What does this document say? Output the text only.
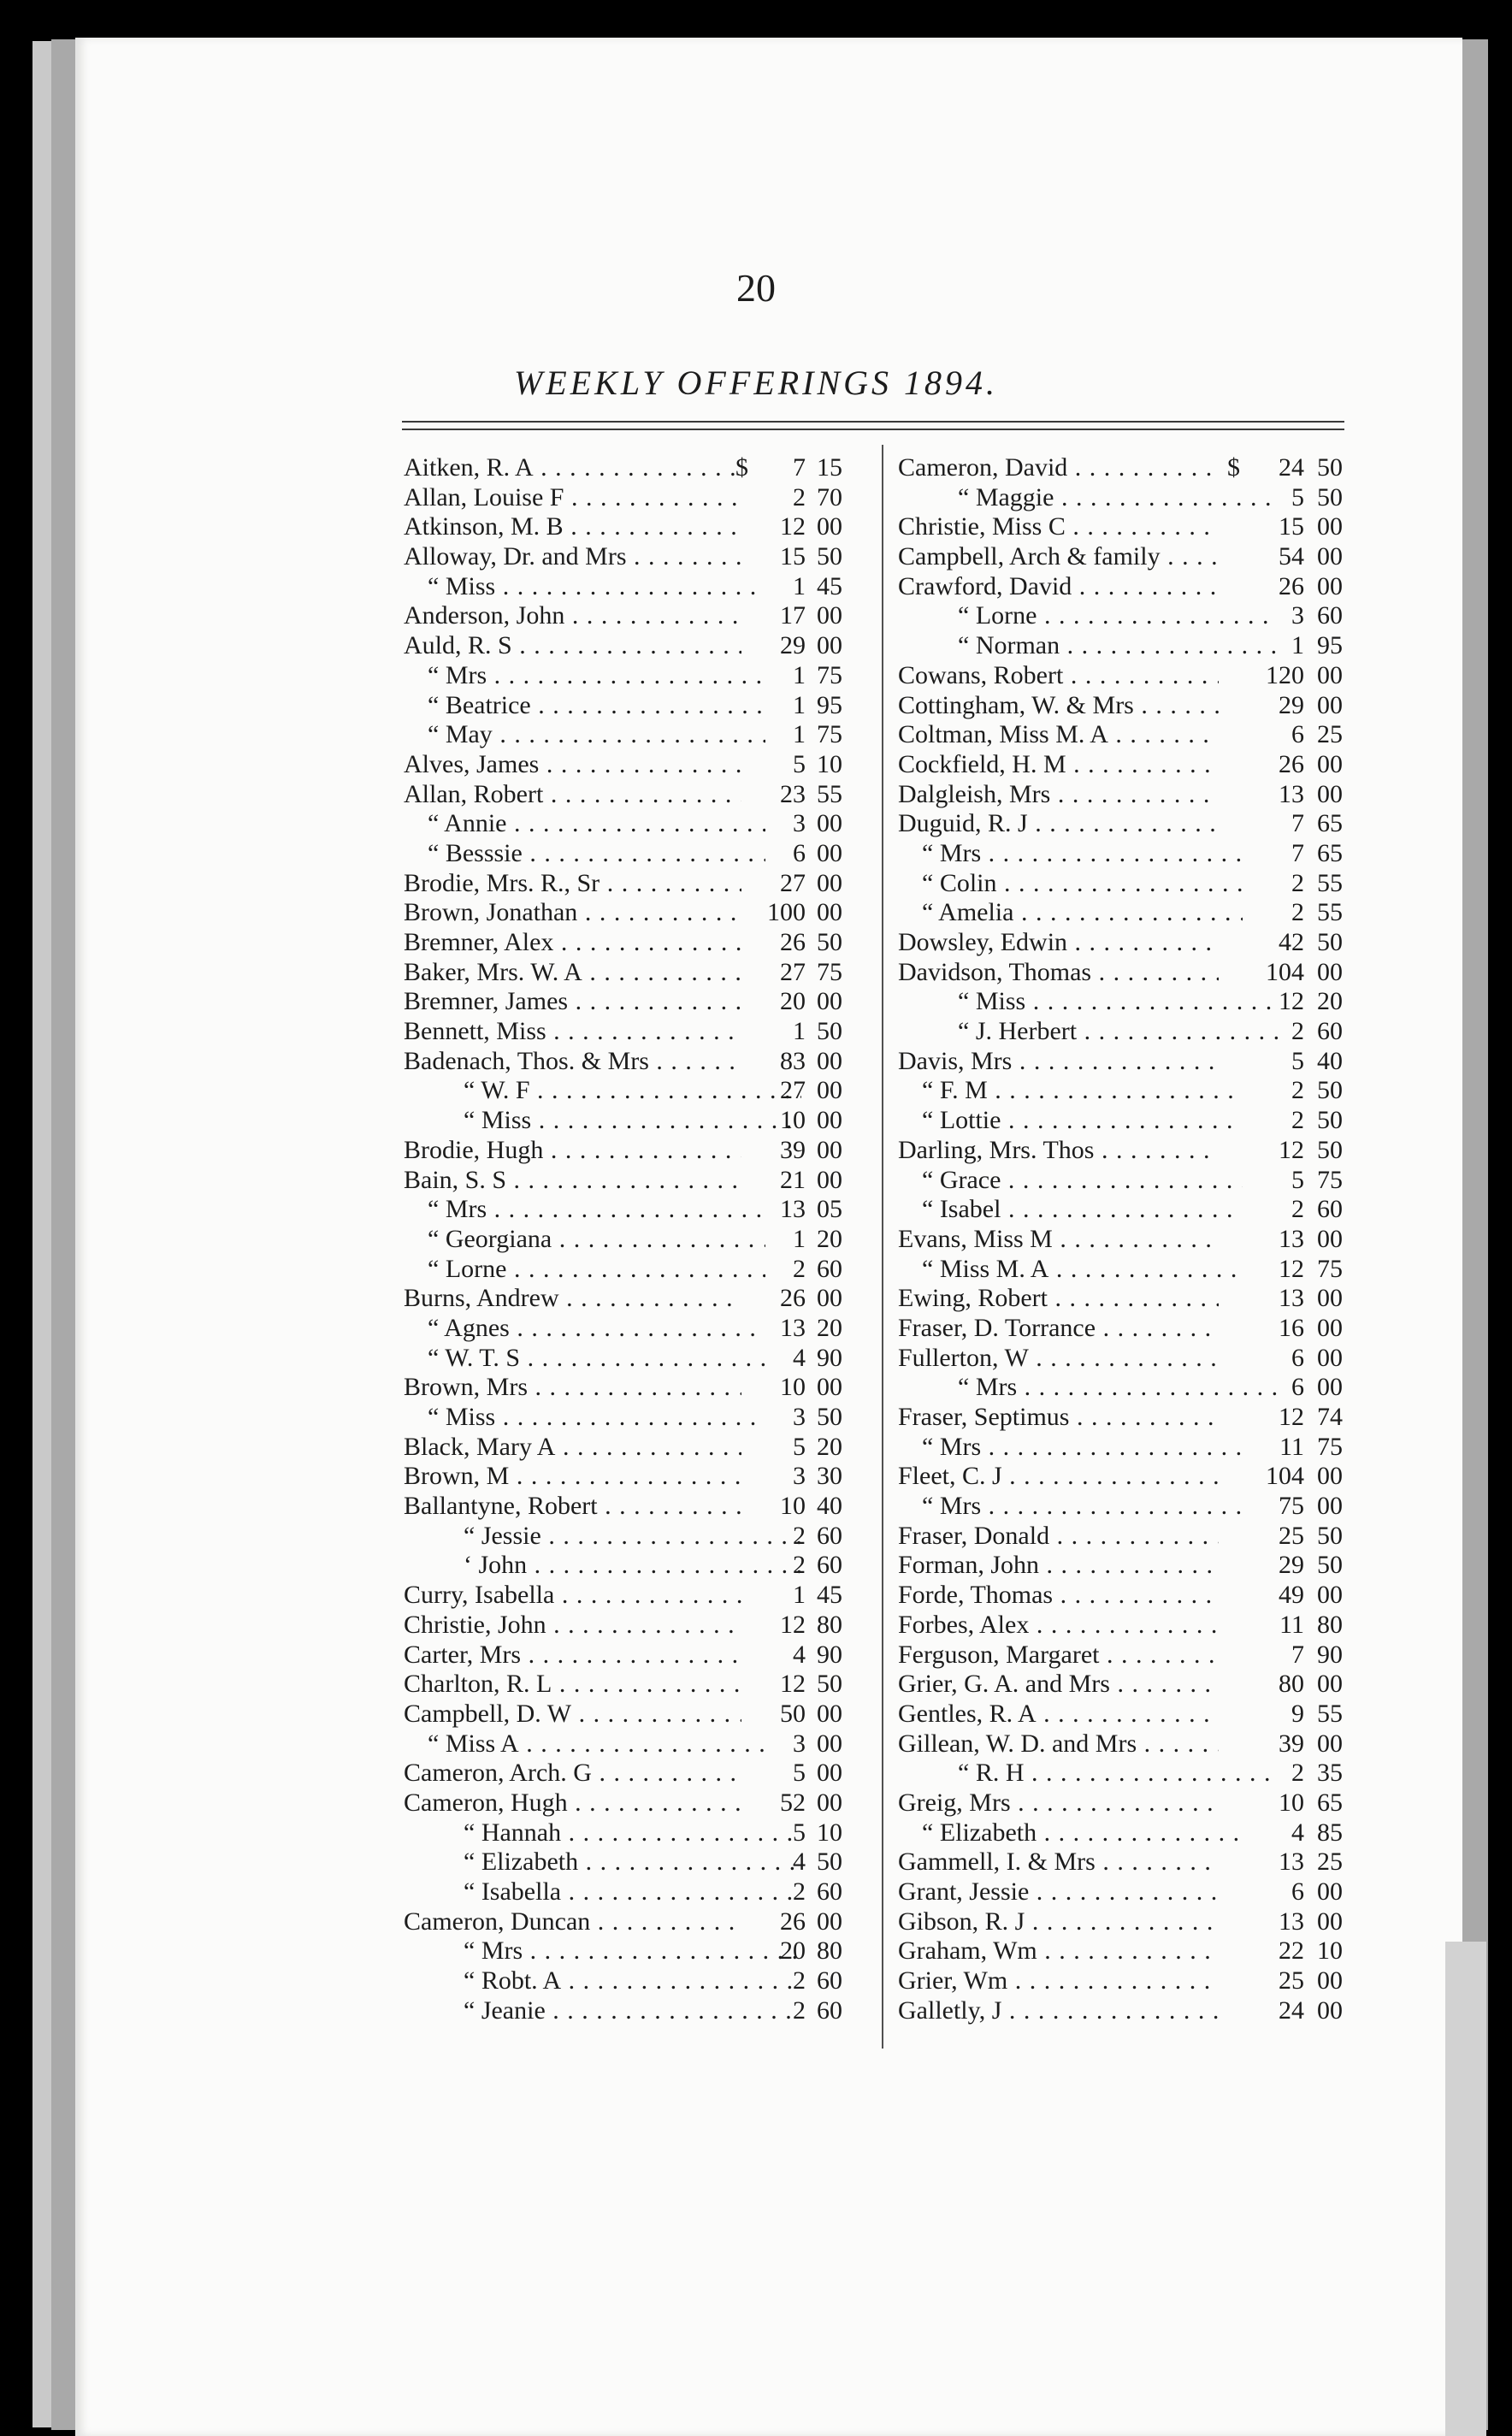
20
WEEKLY OFFERINGS 1894.
Aitken, R. A . . .	$	7 15
Allan, Louise F . . .	2 70
Atkinson, M. B . . .	12 00
Alloway, Dr. and Mrs . . .	15 50
“ Miss . . .	1 45
Anderson, John . . .	17 00
Auld, R. S . . .	29 00
“ Mrs . . .	1 75
“ Beatrice . . .	1 95
“ May . . .	1 75
Alves, James . . .	5 10
Allan, Robert . . .	23 55
“ Annie . . .	3 00
“ Besssie . . .	6 00
Brodie, Mrs. R., Sr . . .	27 00
Brown, Jonathan . . .	100 00
Bremner, Alex . . .	26 50
Baker, Mrs. W. A . . .	27 75
Bremner, James . . .	20 00
Bennett, Miss . . .	1 50
Badenach, Thos. & Mrs . . .	83 00
“ W. F . . .	27 00
“ Miss . . .	10 00
Brodie, Hugh . . .	39 00
Bain, S. S . . .	21 00
“ Mrs . . .	13 05
“ Georgiana . . .	1 20
“ Lorne . . .	2 60
Burns, Andrew . . .	26 00
“ Agnes . . .	13 20
“ W. T. S . . .	4 90
Brown, Mrs . . .	10 00
“ Miss . . .	3 50
Black, Mary A . . .	5 20
Brown, M . . .	3 30
Ballantyne, Robert . . .	10 40
“ Jessie . . .	2 60
‘ John . . .	2 60
Curry, Isabella . . .	1 45
Christie, John . . .	12 80
Carter, Mrs . . .	4 90
Charlton, R. L . . .	12 50
Campbell, D. W . . .	50 00
“ Miss A . . .	3 00
Cameron, Arch. G . . .	5 00
Cameron, Hugh . . .	52 00
“ Hannah . . .	5 10
“ Elizabeth . . .	4 50
“ Isabella . . .	2 60
Cameron, Duncan . . .	26 00
“ Mrs . . .	20 80
“ Robt. A . . .	2 60
“ Jeanie . . .	2 60
Cameron, David . . .	$	24 50
“ Maggie . . .	5 50
Christie, Miss C . . .	15 00
Campbell, Arch & family . . .	54 00
Crawford, David . . .	26 00
“ Lorne . . .	3 60
“ Norman . . .	1 95
Cowans, Robert . . .	120 00
Cottingham, W. & Mrs . . .	29 00
Coltman, Miss M. A . . .	6 25
Cockfield, H. M . . .	26 00
Dalgleish, Mrs . . .	13 00
Duguid, R. J . . .	7 65
“ Mrs . . .	7 65
“ Colin . . .	2 55
“ Amelia . . .	2 55
Dowsley, Edwin . . .	42 50
Davidson, Thomas . . .	104 00
“ Miss . . .	12 20
“ J. Herbert . . .	2 60
Davis, Mrs . . .	5 40
“ F. M . . .	2 50
“ Lottie . . .	2 50
Darling, Mrs. Thos . . .	12 50
“ Grace . . .	5 75
“ Isabel . . .	2 60
Evans, Miss M . . .	13 00
“ Miss M. A . . .	12 75
Ewing, Robert . . .	13 00
Fraser, D. Torrance . . .	16 00
Fullerton, W . . .	6 00
“ Mrs . . .	6 00
Fraser, Septimus . . .	12 74
“ Mrs . . .	11 75
Fleet, C. J . . .	104 00
“ Mrs . . .	75 00
Fraser, Donald . . .	25 50
Forman, John . . .	29 50
Forde, Thomas . . .	49 00
Forbes, Alex . . .	11 80
Ferguson, Margaret . . .	7 90
Grier, G. A. and Mrs . . .	80 00
Gentles, R. A . . .	9 55
Gillean, W. D. and Mrs . . .	39 00
“ R. H . . .	2 35
Greig, Mrs . . .	10 65
“ Elizabeth . . .	4 85
Gammell, I. & Mrs . . .	13 25
Grant, Jessie . . .	6 00
Gibson, R. J . . .	13 00
Graham, Wm . . .	22 10
Grier, Wm . . .	25 00
Galletly, J . . .	24 00
